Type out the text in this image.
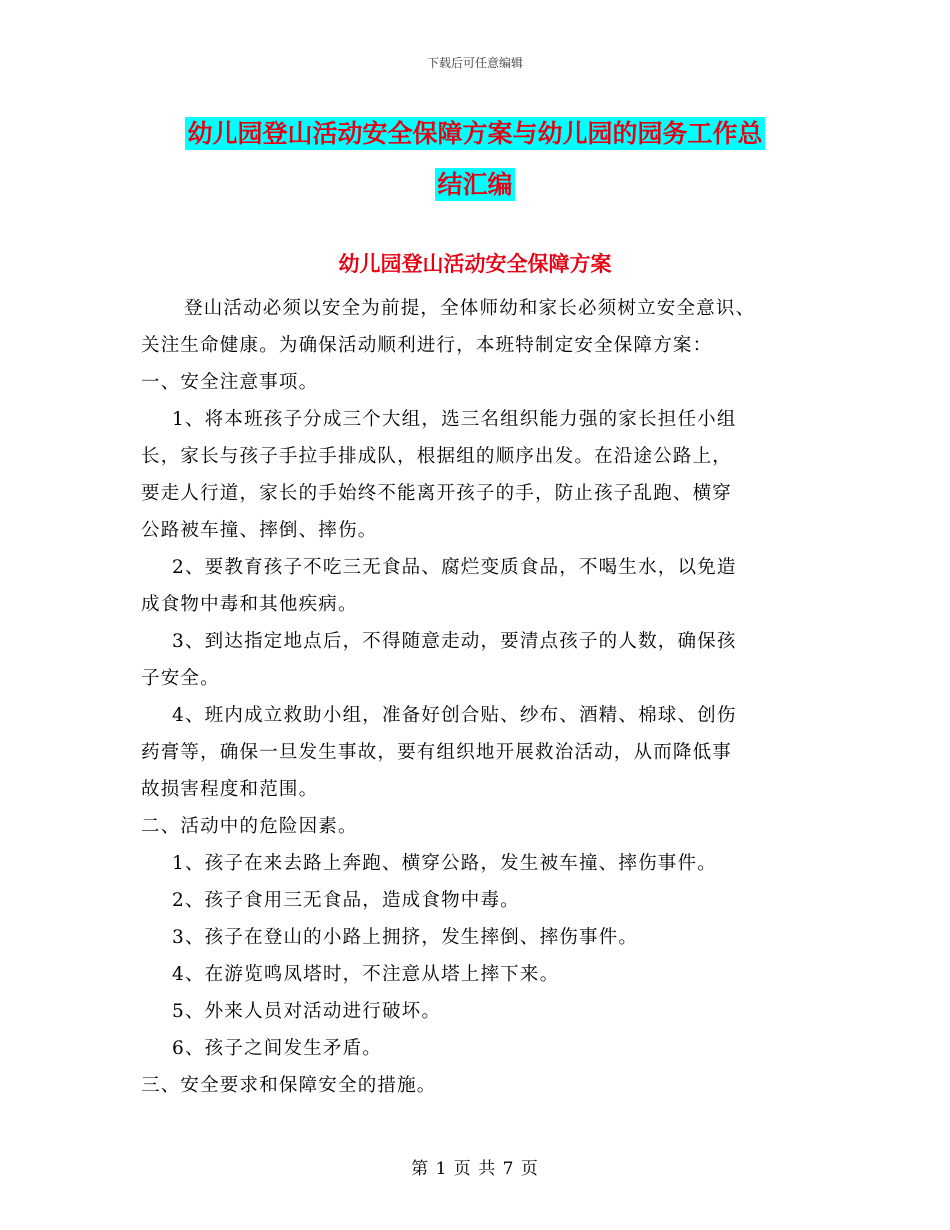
下载后可任意编辑
幼儿园登山活动安全保障方案与幼儿园的园务工作总
结汇编
幼儿园登山活动安全保障方案

登山活动必须以安全为前提，全体师幼和家长必须树立安全意识、

关注生命健康。为确保活动顺利进行，本班特制定安全保障方案：

一、安全注意事项。

1、将本班孩子分成三个大组，选三名组织能力强的家长担任小组

长，家长与孩子手拉手排成队，根据组的顺序出发。在沿途公路上，

要走人行道，家长的手始终不能离开孩子的手，防止孩子乱跑、横穿

公路被车撞、摔倒、摔伤。

2、要教育孩子不吃三无食品、腐烂变质食品，不喝生水，以免造

成食物中毒和其他疾病。

3、到达指定地点后，不得随意走动，要清点孩子的人数，确保孩

子安全。

4、班内成立救助小组，准备好创合贴、纱布、酒精、棉球、创伤

药膏等，确保一旦发生事故，要有组织地开展救治活动，从而降低事

故损害程度和范围。

二、活动中的危险因素。

1、孩子在来去路上奔跑、横穿公路，发生被车撞、摔伤事件。

2、孩子食用三无食品，造成食物中毒。

3、孩子在登山的小路上拥挤，发生摔倒、摔伤事件。

4、在游览鸣凤塔时，不注意从塔上摔下来。

5、外来人员对活动进行破坏。

6、孩子之间发生矛盾。

三、安全要求和保障安全的措施。

第 1 页 共 7 页
